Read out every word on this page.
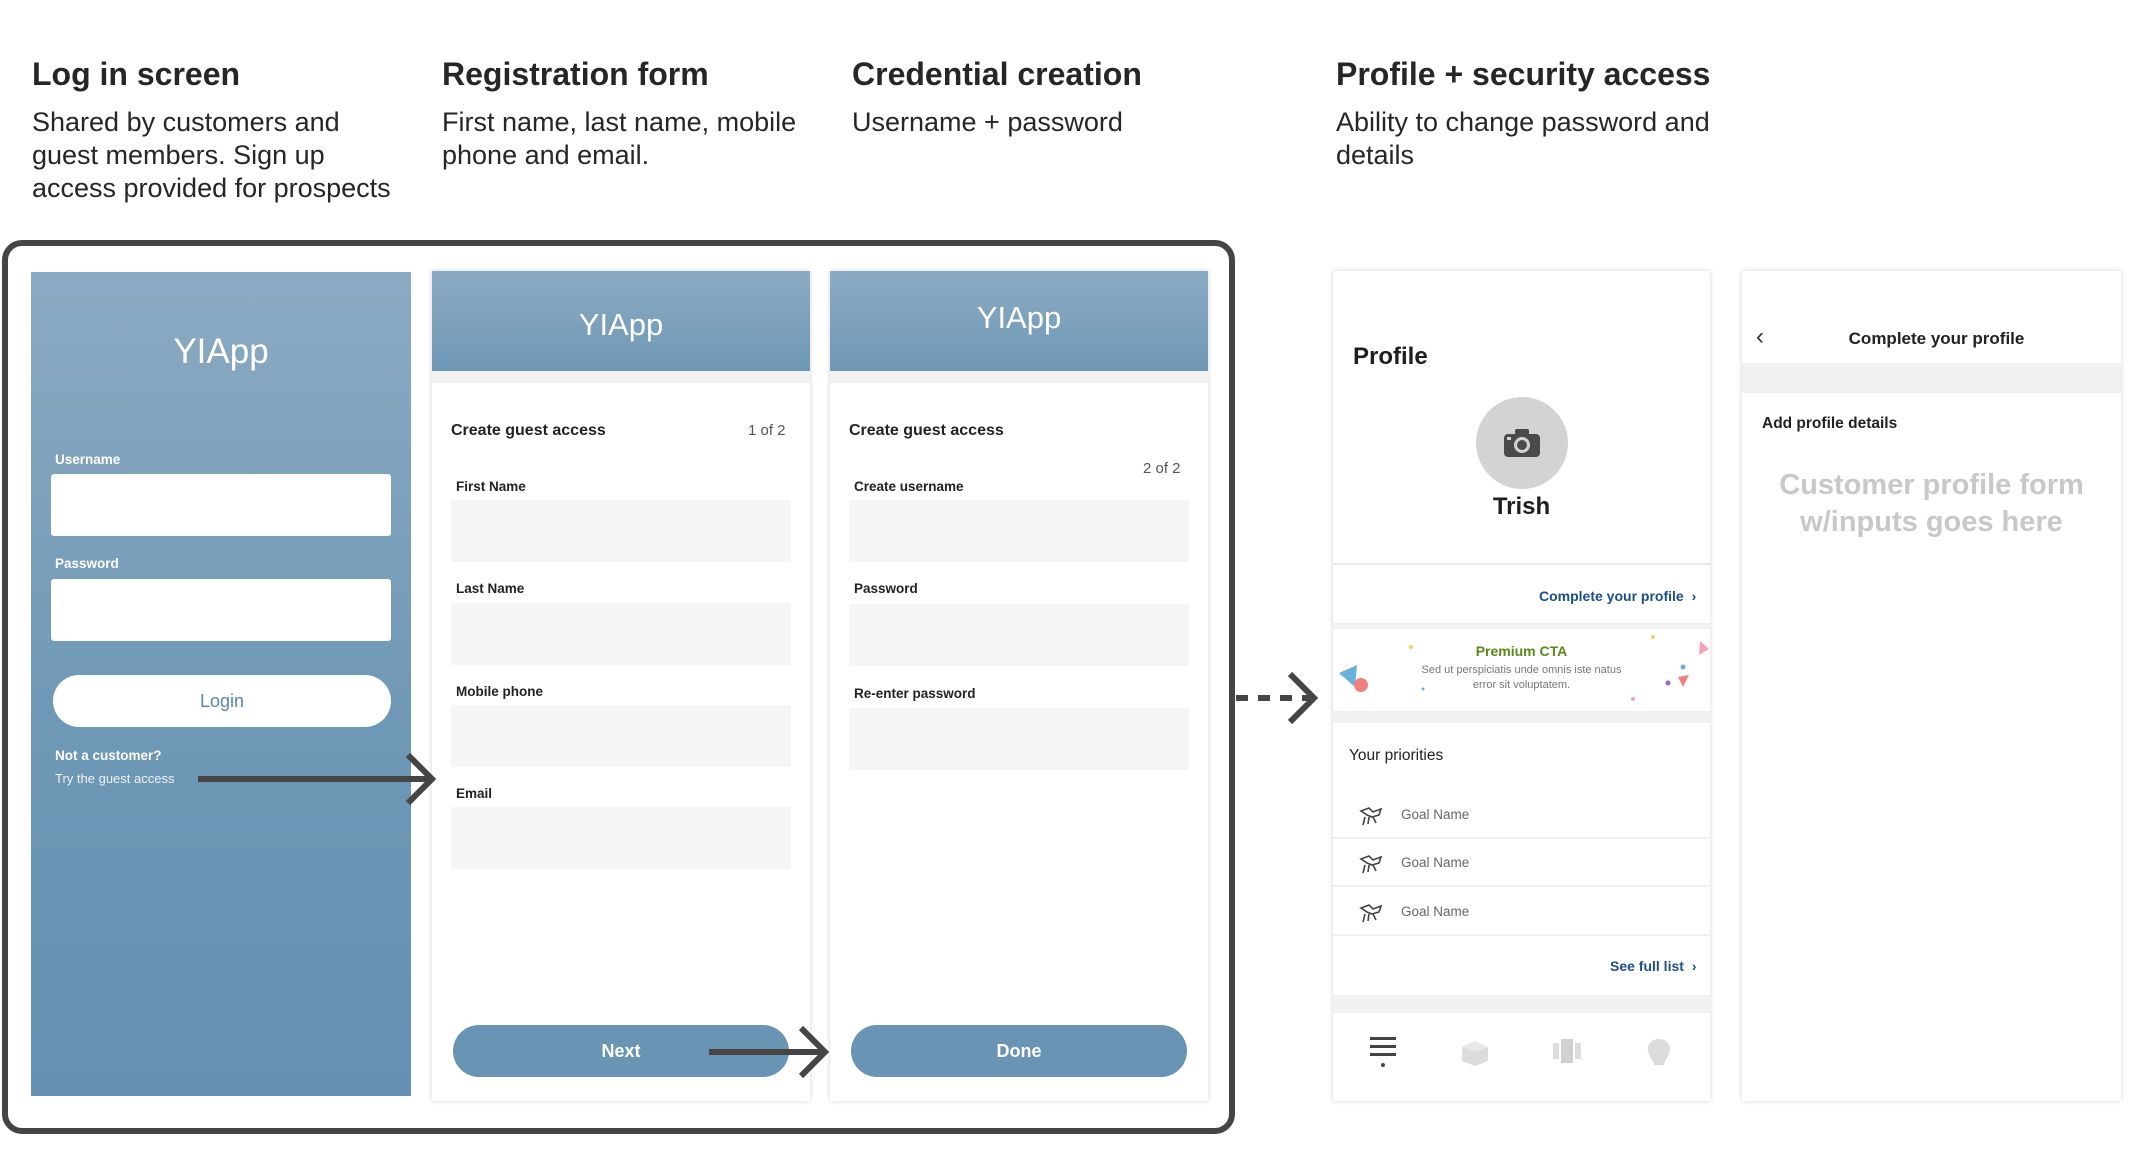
Log in screen
Shared by customers and
guest members. Sign up
access provided for prospects
Registration form
First name, last name, mobile
phone and email.
Credential creation
Username + password
Profile + security access
Ability to change password and
details
YIApp
Username
Password
Login
Not a customer?
Try the guest access
YIApp
Create guest access	1 of 2
First Name
Last Name
Mobile phone
Email
Next
YIApp
Create guest access
2 of 2
Create username
Password
Re-enter password
Done
Profile
Trish
Complete your profile ›
Premium CTA
Sed ut perspiciatis unde omnis iste natus
error sit voluptatem.
Your priorities
Goal Name
Goal Name
Goal Name
See full list ›
‹	Complete your profile
Add profile details
Customer profile form
w/inputs goes here
